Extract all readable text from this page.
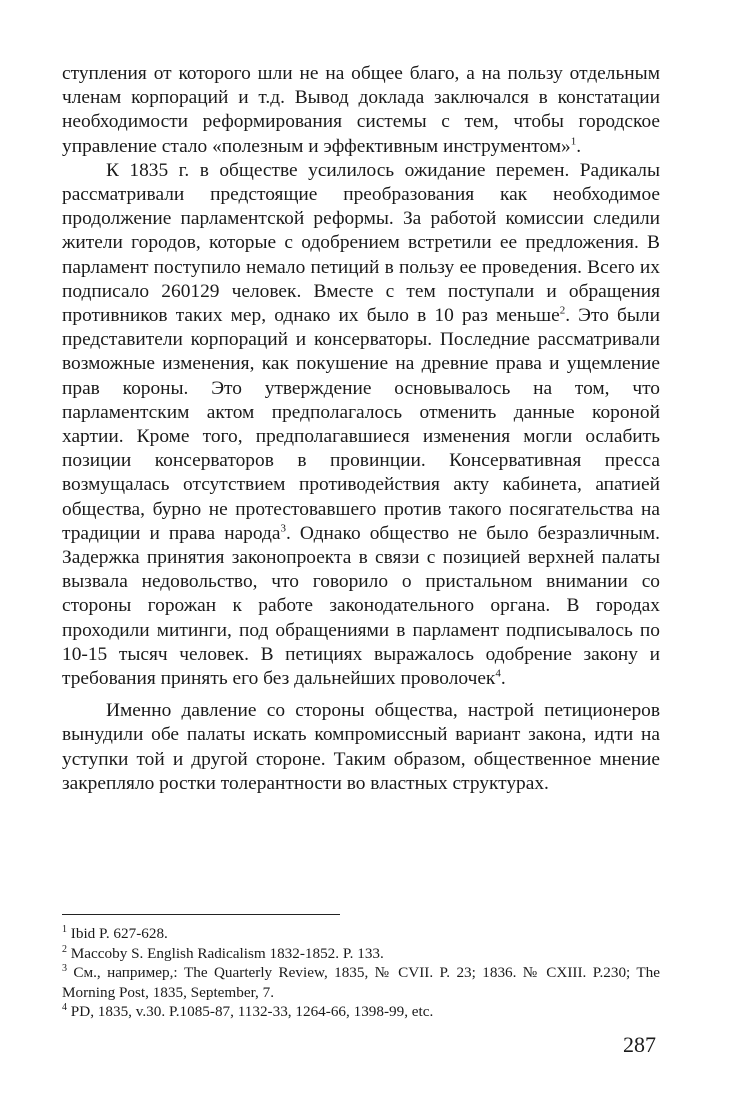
ступления от которого шли не на общее благо, а на пользу отдельным членам корпораций и т.д. Вывод доклада заключался в констатации необходимости реформирования системы с тем, чтобы городское управление стало «полезным и эффективным инструментом»$^1$.

К 1835 г. в обществе усилилось ожидание перемен. Радикалы рассматривали предстоящие преобразования как необходимое продолжение парламентской реформы. За работой комиссии следили жители городов, которые с одобрением встретили ее предложения. В парламент поступило немало петиций в пользу ее проведения. Всего их подписало 260129 человек. Вместе с тем поступали и обращения противников таких мер, однако их было в 10 раз меньше$^2$. Это были представители корпораций и консерваторы. Последние рассматривали возможные изменения, как покушение на древние права и ущемление прав короны. Это утверждение основывалось на том, что парламентским актом предполагалось отменить данные короной хартии. Кроме того, предполагавшиеся изменения могли ослабить позиции консерваторов в провинции. Консервативная пресса возмущалась отсутствием противодействия акту кабинета, апатией общества, бурно не протестовавшего против такого посягательства на традиции и права народа$^3$. Однако общество не было безразличным. Задержка принятия законопроекта в связи с позицией верхней палаты вызвала недовольство, что говорило о пристальном внимании со стороны горожан к работе законодательного органа. В городах проходили митинги, под обращениями в парламент подписывалось по 10-15 тысяч человек. В петициях выражалось одобрение закону и требования принять его без дальнейших проволочек$^4$.

Именно давление со стороны общества, настрой петиционеров вынудили обе палаты искать компромиссный вариант закона, идти на уступки той и другой стороне. Таким образом, общественное мнение закрепляло ростки толерантности во властных структурах.

$^1$ Ibid P. 627-628.

$^2$ Maccoby S. English Radicalism 1832-1852. P. 133.

$^3$ См., например,: The Quarterly Review, 1835, № CVII. P. 23; 1836. № CXIII. P.230; The Morning Post, 1835, September, 7.

$^4$ PD, 1835, v.30. P.1085-87, 1132-33, 1264-66, 1398-99, etc.

287
